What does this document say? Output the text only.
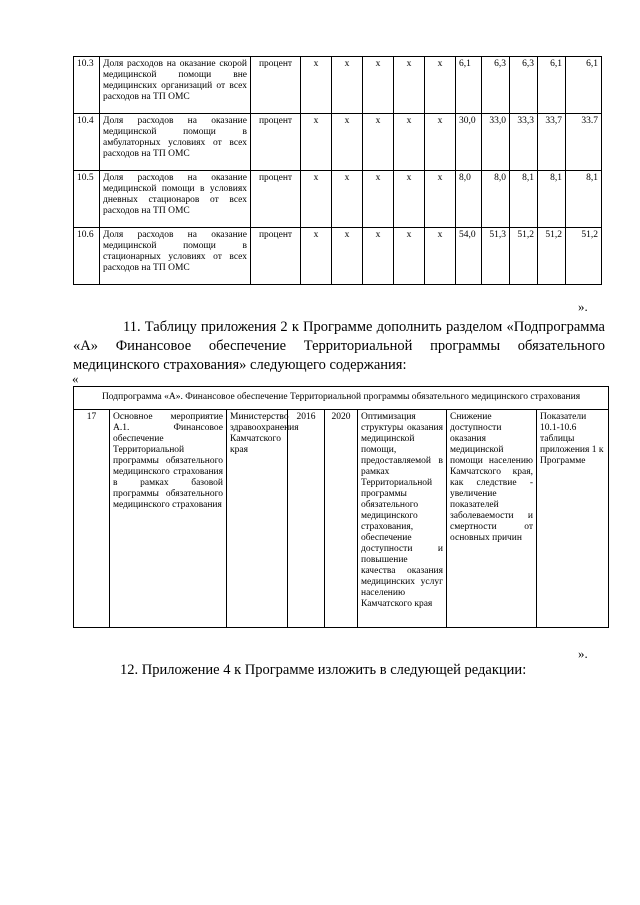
10.3	Доля расходов на оказание скорой медицинской помощи вне медицинских организаций от всех расходов на ТП ОМС	процент	х	х	х	х	х	6,1	6,3	6,3	6,1	6,1
10.4	Доля расходов на оказание медицинской помощи в амбулаторных условиях от всех расходов на ТП ОМС	процент	х	х	х	х	х	30,0	33,0	33,3	33,7	33.7
10.5	Доля расходов на оказание медицинской помощи в условиях дневных стационаров от всех расходов на ТП ОМС	процент	х	х	х	х	х	8,0	8,0	8,1	8,1	8,1
10.6	Доля расходов на оказание медицинской помощи в стационарных условиях от всех расходов на ТП ОМС	процент	х	х	х	х	х	54,0	51,3	51,2	51,2	51,2
».
11. Таблицу приложения 2 к Программе дополнить разделом «Подпрограмма «А» Финансовое обеспечение Территориальной программы обязательного медицинского страхования» следующего содержания:
«
Подпрограмма «А». Финансовое обеспечение Территориальной программы обязательного медицинского страхования
17	Основное мероприятие А.1. Финансовое обеспечение Территориальной программы обязательного медицинского страхования в рамках базовой программы обязательного медицинского страхования	Министерство здравоохранения Камчатского края	2016	2020	Оптимизация структуры оказания медицинской помощи, предоставляемой в рамках Территориальной программы обязательного медицинского страхования, обеспечение доступности и повышение качества оказания медицинских услуг населению Камчатского края	Снижение доступности оказания медицинской помощи населению Камчатского края, как следствие - увеличение показателей заболеваемости и смертности от основных причин	Показатели 10.1-10.6 таблицы приложения 1 к Программе
».
12. Приложение 4 к Программе изложить в следующей редакции:
